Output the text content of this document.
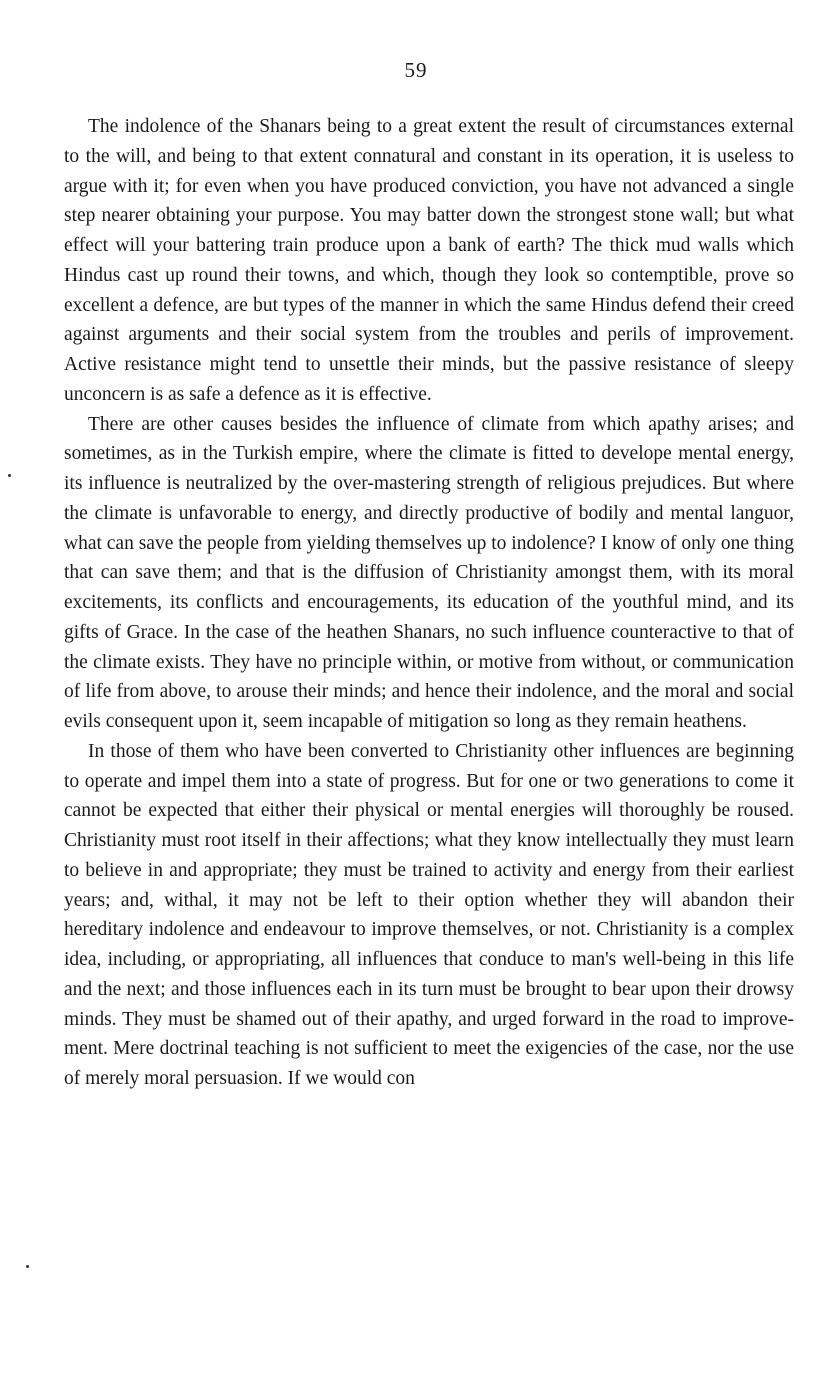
59

The indolence of the Shanars being to a great extent the result of circumstances external to the will, and being to that extent connatural and constant in its operation, it is useless to argue with it; for even when you have produced conviction, you have not advanced a single step nearer obtaining your purpose. You may batter down the strongest stone wall; but what effect will your battering train produce upon a bank of earth? The thick mud walls which Hindus cast up round their towns, and which, though they look so contemptible, prove so excellent a defence, are but types of the manner in which the same Hindus defend their creed against arguments and their social system from the troubles and perils of improvement. Active resistance might tend to unsettle their minds, but the passive resistance of sleepy unconcern is as safe a defence as it is effective.

There are other causes besides the influence of climate from which apathy arises; and sometimes, as in the Turkish empire, where the climate is fitted to develope mental energy, its influence is neutralized by the over-mastering strength of religious prejudices. But where the climate is unfavorable to energy, and directly productive of bodily and mental languor, what can save the people from yielding themselves up to indolence? I know of only one thing that can save them; and that is the diffusion of Christianity amongst them, with its moral excitements, its conflicts and encouragements, its education of the youthful mind, and its gifts of Grace. In the case of the heathen Shanars, no such influence counteractive to that of the climate exists. They have no principle within, or motive from without, or communication of life from above, to arouse their minds; and hence their indolence, and the moral and social evils consequent upon it, seem incapable of mitigation so long as they remain heathens.

In those of them who have been converted to Christianity other influences are beginning to operate and impel them into a state of progress. But for one or two generations to come it cannot be expected that either their physical or mental energies will thoroughly be roused. Christianity must root itself in their affections; what they know intellectually they must learn to believe in and appropriate; they must be trained to activity and energy from their earliest years; and, withal, it may not be left to their option whether they will abandon their hereditary indolence and endeavour to improve themselves, or not. Christianity is a complex idea, including, or appropriating, all influences that conduce to man's well-being in this life and the next; and those influences each in its turn must be brought to bear upon their drowsy minds. They must be shamed out of their apathy, and urged forward in the road to improvement. Mere doctrinal teaching is not sufficient to meet the exigencies of the case, nor the use of merely moral persuasion. If we would con
